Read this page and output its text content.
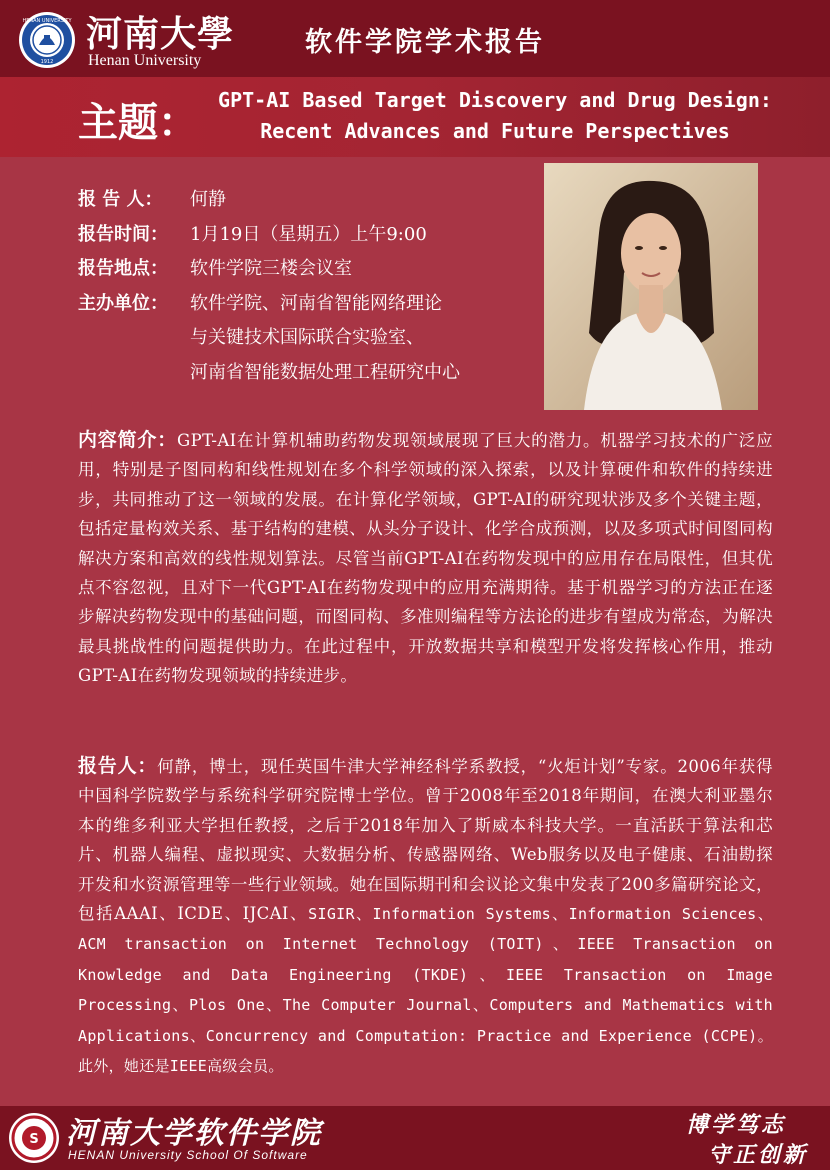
HENAN UNIVERSITY
1912
河南大學
Henan University
软件学院学术报告
主题：	GPT-AI Based Target Discovery and Drug Design:
Recent Advances and Future Perspectives
报 告 人： 何静
报告时间： 1月19日（星期五）上午9:00
报告地点： 软件学院三楼会议室
主办单位： 软件学院、河南省智能网络理论
与关键技术国际联合实验室、
河南省智能数据处理工程研究中心
内容简介：GPT-AI在计算机辅助药物发现领域展现了巨大的潜力。机器学习技术的广泛应用，特别是子图同构和线性规划在多个科学领域的深入探索，以及计算硬件和软件的持续进步，共同推动了这一领域的发展。在计算化学领域，GPT-AI的研究现状涉及多个关键主题，包括定量构效关系、基于结构的建模、从头分子设计、化学合成预测，以及多项式时间图同构解决方案和高效的线性规划算法。尽管当前GPT-AI在药物发现中的应用存在局限性，但其优点不容忽视，且对下一代GPT-AI在药物发现中的应用充满期待。基于机器学习的方法正在逐步解决药物发现中的基础问题，而图同构、多准则编程等方法论的进步有望成为常态，为解决最具挑战性的问题提供助力。在此过程中，开放数据共享和模型开发将发挥核心作用，推动GPT-AI在药物发现领域的持续进步。
报告人：何静，博士，现任英国牛津大学神经科学系教授，“火炬计划”专家。2006年获得中国科学院数学与系统科学研究院博士学位。曾于2008年至2018年期间，在澳大利亚墨尔本的维多利亚大学担任教授，之后于2018年加入了斯威本科技大学。一直活跃于算法和芯片、机器人编程、虚拟现实、大数据分析、传感器网络、Web服务以及电子健康、石油勘探开发和水资源管理等一些行业领域。她在国际期刊和会议论文集中发表了200多篇研究论文，包括AAAI、ICDE、IJCAI、SIGIR、Information Systems、Information Sciences、ACM transaction on Internet Technology (TOIT)、IEEE Transaction on Knowledge and Data Engineering (TKDE)、IEEE Transaction on Image Processing、Plos One、The Computer Journal、Computers and Mathematics with Applications、Concurrency and Computation: Practice and Experience (CCPE)。此外，她还是IEEE高级会员。
S 河南大学软件学院
HENAN University School Of Software
博学笃志
守正创新
